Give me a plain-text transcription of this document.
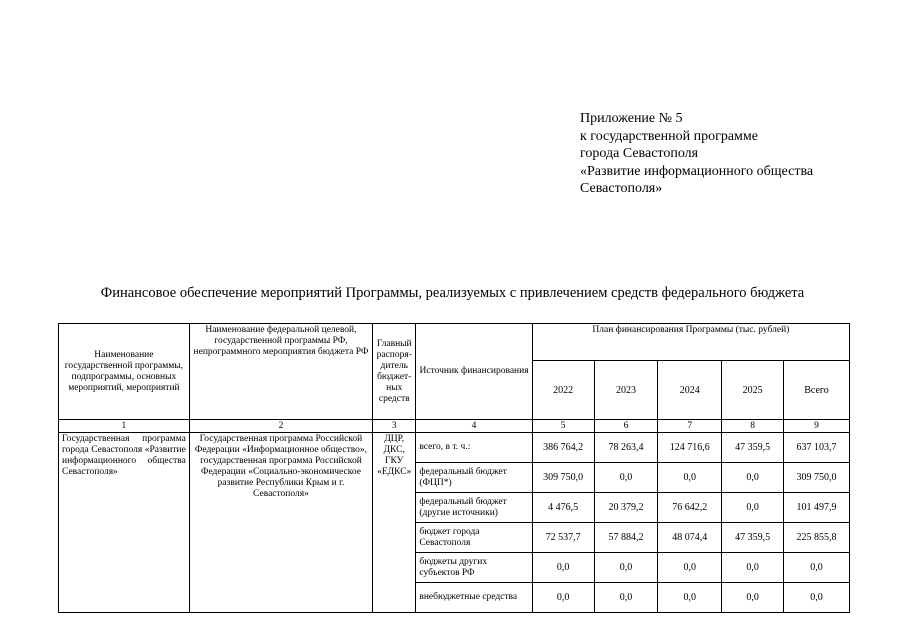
Приложение № 5
к государственной программе
города Севастополя
«Развитие информационного общества
Севастополя»
Финансовое обеспечение мероприятий Программы, реализуемых с привлечением средств федерального бюджета
Наименование государственной программы, подпрограммы, основных мероприятий, мероприятий	Наименование федеральной целевой, государственной программы РФ, непрограммного мероприятия бюджета РФ	Главный распоря-дитель бюджет-ных средств	Источник финансирования	План финансирования Программы (тыс. рублей)				
				2022	2023	2024	2025	Всего
1	2	3	4	5	6	7	8	9
Государственная программа города Севастополя «Развитие информационного общества Севастополя»	Государственная программа Российской Федерации «Информационное общество», государственная программа Российской Федерации «Социально-экономическое развитие Республики Крым и г. Севастополя»	ДЦР, ДКС, ГКУ «ЕДКС»	всего, в т. ч.:	386 764,2	78 263,4	124 716,6	47 359,5	637 103,7
			федеральный бюджет (ФЦП*)	309 750,0	0,0	0,0	0,0	309 750,0
			федеральный бюджет (другие источники)	4 476,5	20 379,2	76 642,2	0,0	101 497,9
			бюджет города Севастополя	72 537,7	57 884,2	48 074,4	47 359,5	225 855,8
			бюджеты других субъектов РФ	0,0	0,0	0,0	0,0	0,0
			внебюджетные средства	0,0	0,0	0,0	0,0	0,0
